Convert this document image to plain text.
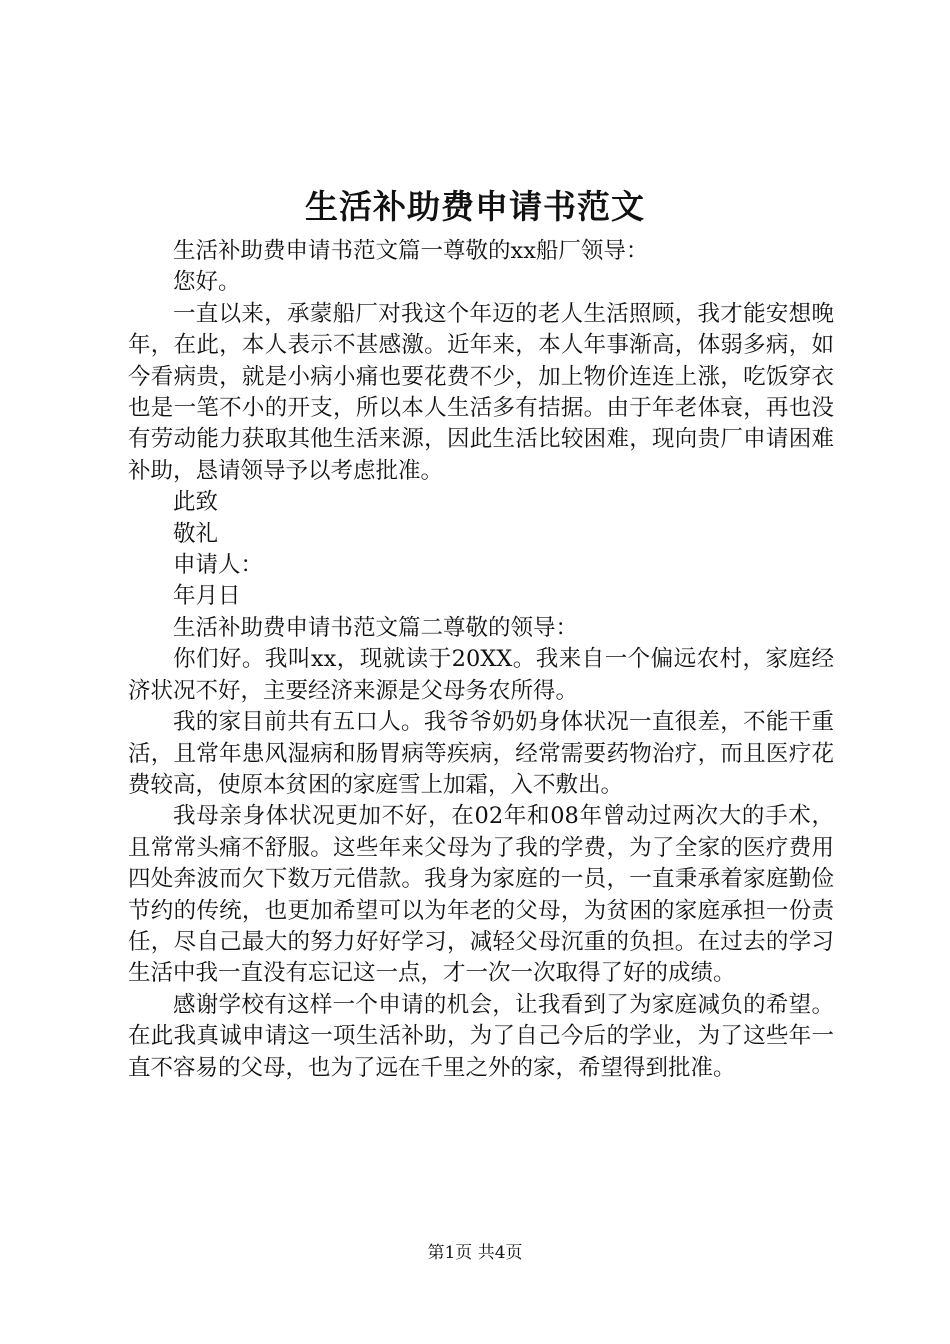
生活补助费申请书范文

生活补助费申请书范文篇一尊敬的xx船厂领导：

您好。

一直以来，承蒙船厂对我这个年迈的老人生活照顾，我才能安想晚年，在此，本人表示不甚感激。近年来，本人年事渐高，体弱多病，如今看病贵，就是小病小痛也要花费不少，加上物价连连上涨，吃饭穿衣也是一笔不小的开支，所以本人生活多有拮据。由于年老体衰，再也没有劳动能力获取其他生活来源，因此生活比较困难，现向贵厂申请困难补助，恳请领导予以考虑批准。

此致

敬礼

申请人：

年月日

生活补助费申请书范文篇二尊敬的领导：

你们好。我叫xx，现就读于20XX。我来自一个偏远农村，家庭经济状况不好，主要经济来源是父母务农所得。

我的家目前共有五口人。我爷爷奶奶身体状况一直很差，不能干重活，且常年患风湿病和肠胃病等疾病，经常需要药物治疗，而且医疗花费较高，使原本贫困的家庭雪上加霜，入不敷出。

我母亲身体状况更加不好，在02年和08年曾动过两次大的手术，且常常头痛不舒服。这些年来父母为了我的学费，为了全家的医疗费用四处奔波而欠下数万元借款。我身为家庭的一员，一直秉承着家庭勤俭节约的传统，也更加希望可以为年老的父母，为贫困的家庭承担一份责任，尽自己最大的努力好好学习，减轻父母沉重的负担。在过去的学习生活中我一直没有忘记这一点，才一次一次取得了好的成绩。

感谢学校有这样一个申请的机会，让我看到了为家庭减负的希望。在此我真诚申请这一项生活补助，为了自己今后的学业，为了这些年一直不容易的父母，也为了远在千里之外的家，希望得到批准。

第1页 共4页
